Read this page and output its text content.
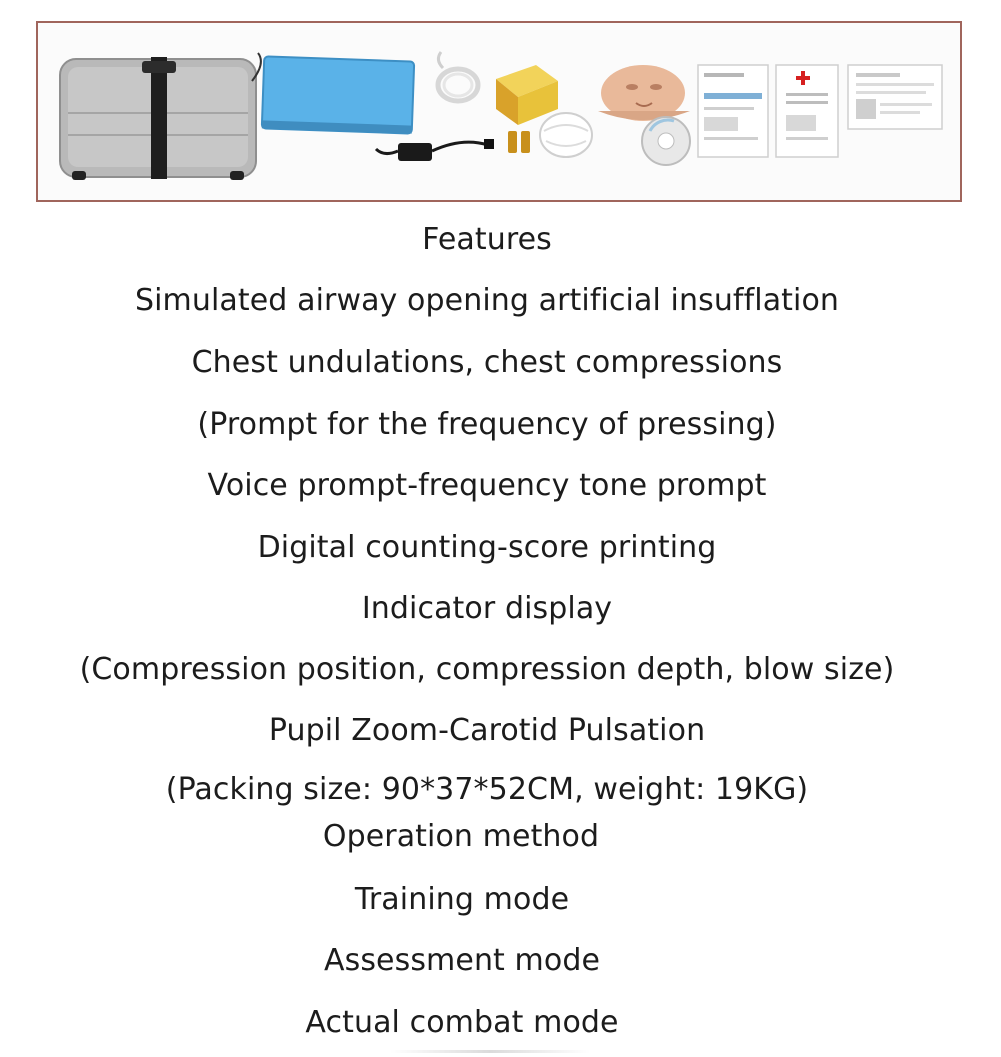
Features
Simulated airway opening artificial insufflation
Chest undulations, chest compressions
(Prompt for the frequency of pressing)
Voice prompt-frequency tone prompt
Digital counting-score printing
Indicator display
(Compression position, compression depth, blow size)
Pupil Zoom-Carotid Pulsation
(Packing size: 90*37*52CM, weight: 19KG)
Operation method
Training mode
Assessment mode
Actual combat mode
